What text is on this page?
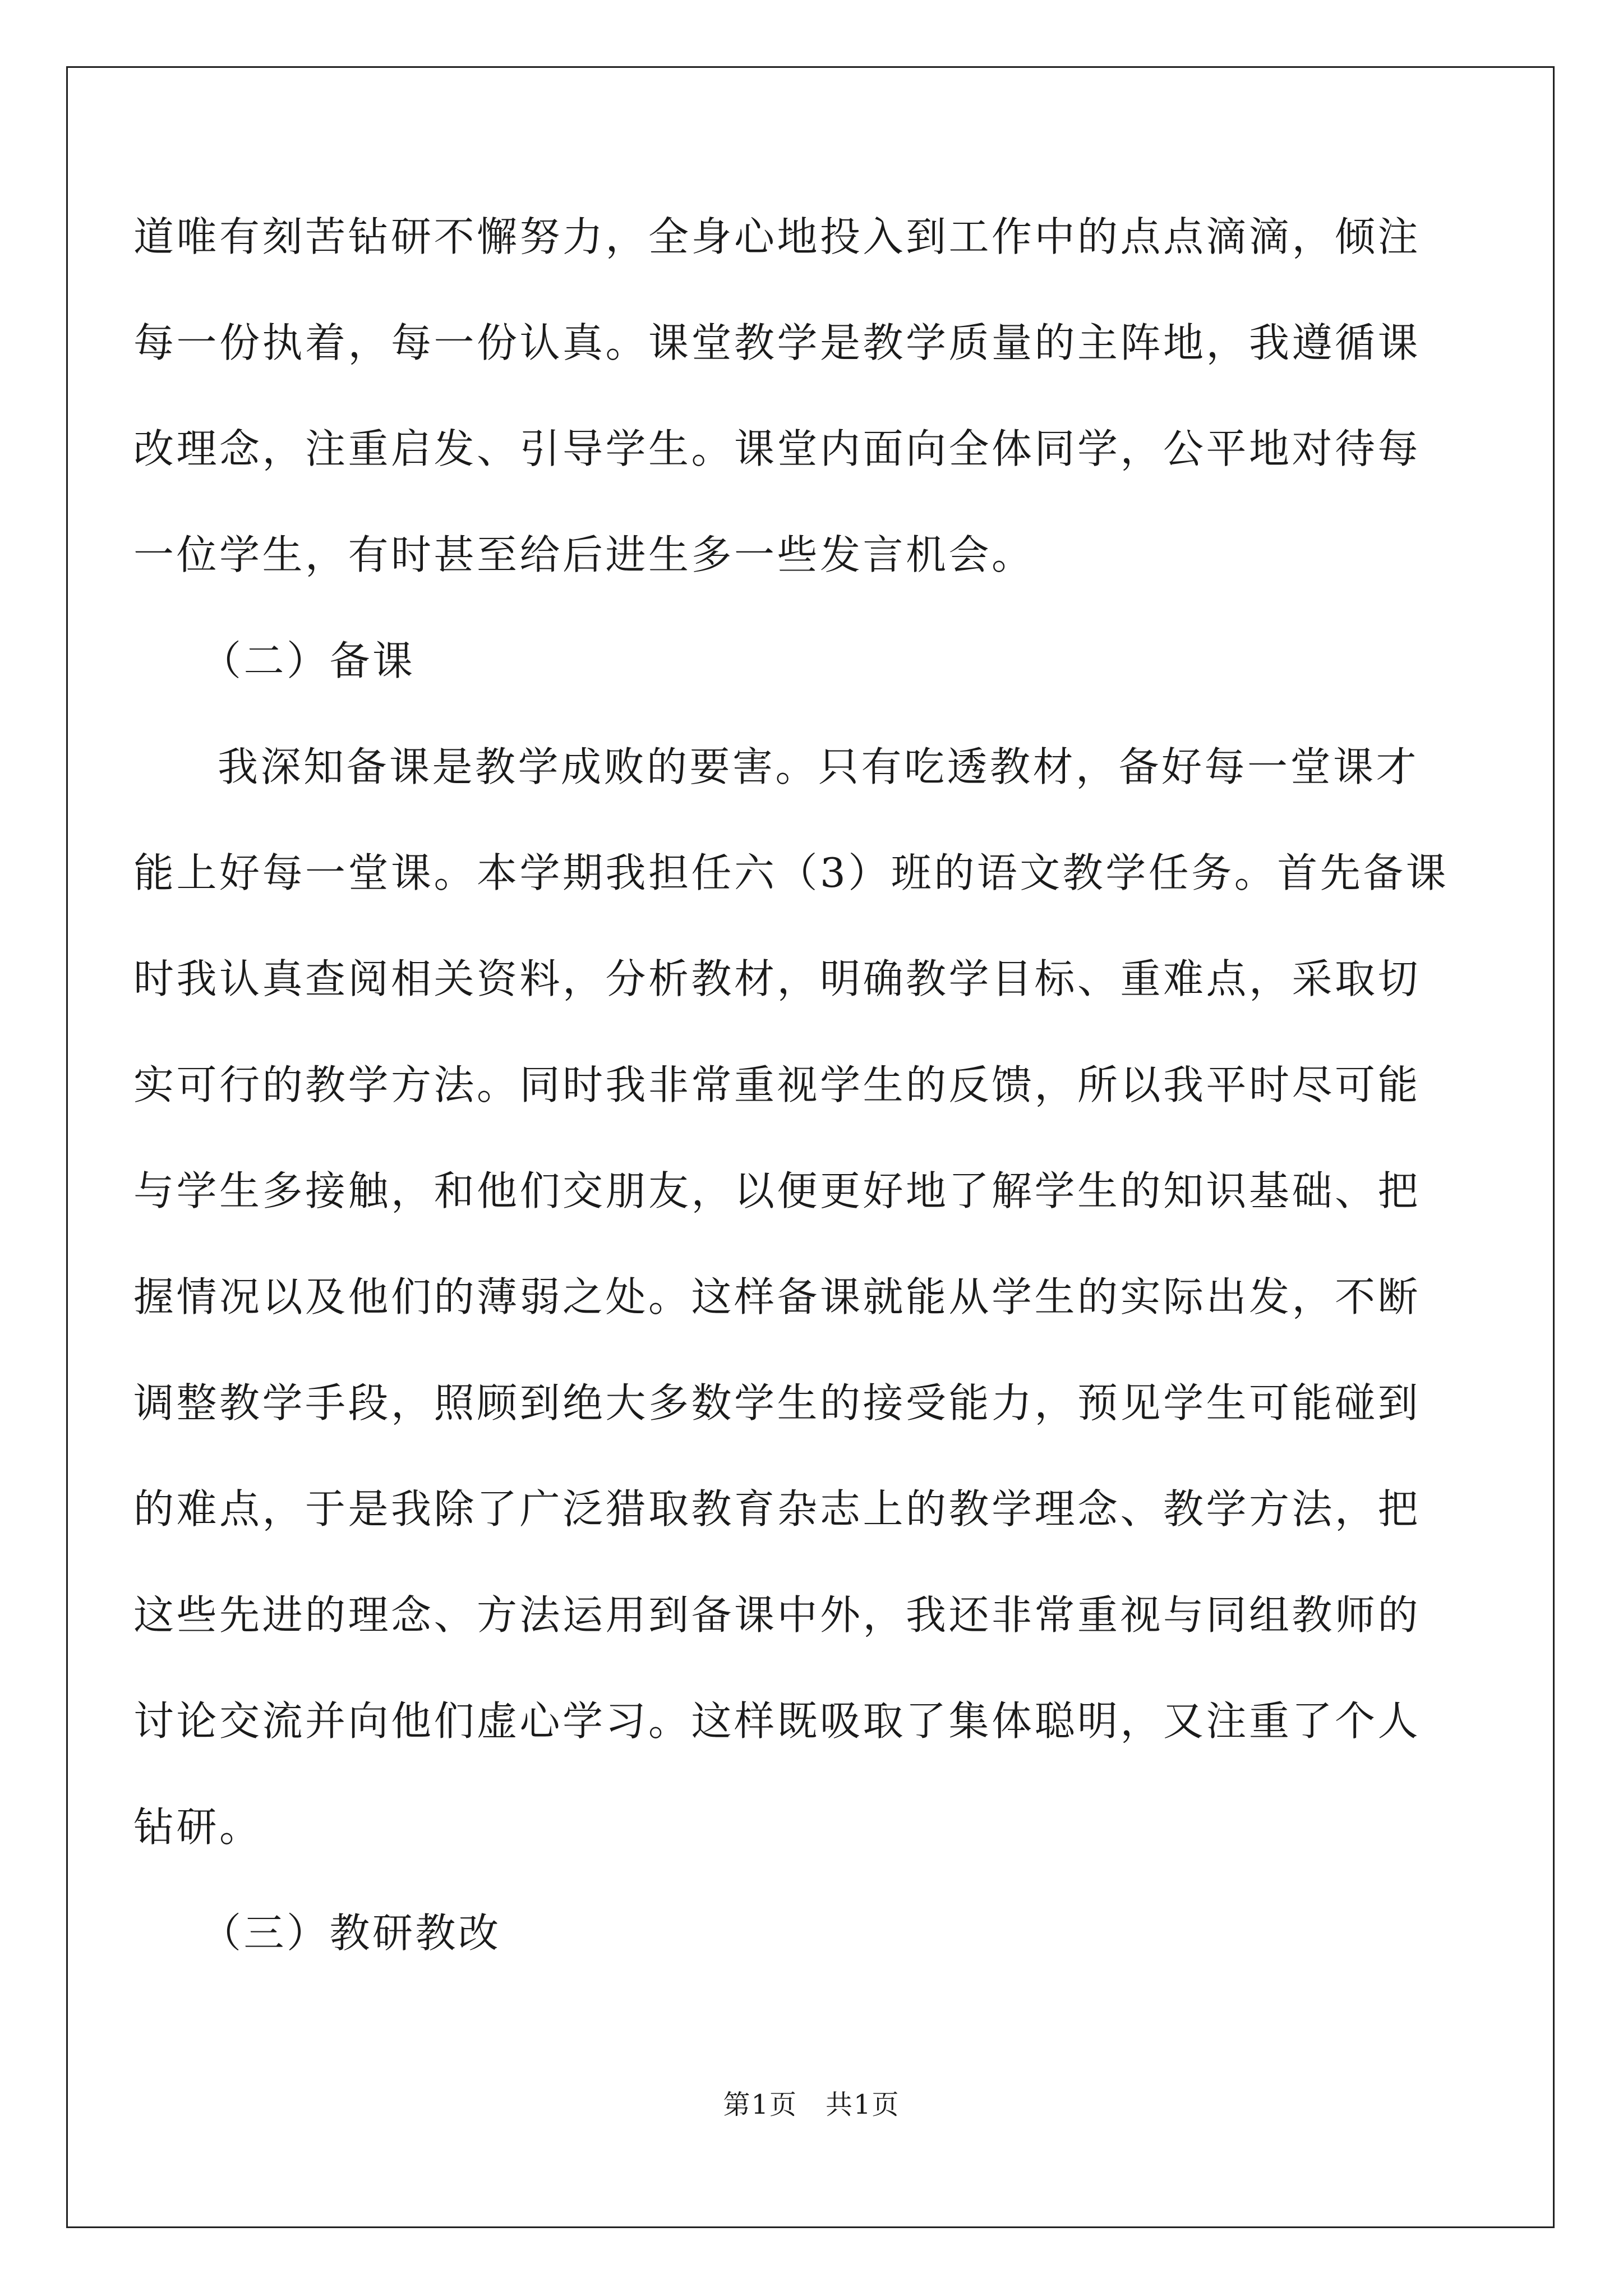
道唯有刻苦钻研不懈努力，全身心地投入到工作中的点点滴滴，倾注
每一份执着，每一份认真。课堂教学是教学质量的主阵地，我遵循课
改理念，注重启发、引导学生。课堂内面向全体同学，公平地对待每
一位学生，有时甚至给后进生多一些发言机会。
（二）备课
我深知备课是教学成败的要害。只有吃透教材，备好每一堂课才
能上好每一堂课。本学期我担任六（3）班的语文教学任务。首先备课
时我认真查阅相关资料，分析教材，明确教学目标、重难点，采取切
实可行的教学方法。同时我非常重视学生的反馈，所以我平时尽可能
与学生多接触，和他们交朋友，以便更好地了解学生的知识基础、把
握情况以及他们的薄弱之处。这样备课就能从学生的实际出发，不断
调整教学手段，照顾到绝大多数学生的接受能力，预见学生可能碰到
的难点，于是我除了广泛猎取教育杂志上的教学理念、教学方法，把
这些先进的理念、方法运用到备课中外，我还非常重视与同组教师的
讨论交流并向他们虚心学习。这样既吸取了集体聪明，又注重了个人
钻研。
（三）教研教改
第1页　共1页
